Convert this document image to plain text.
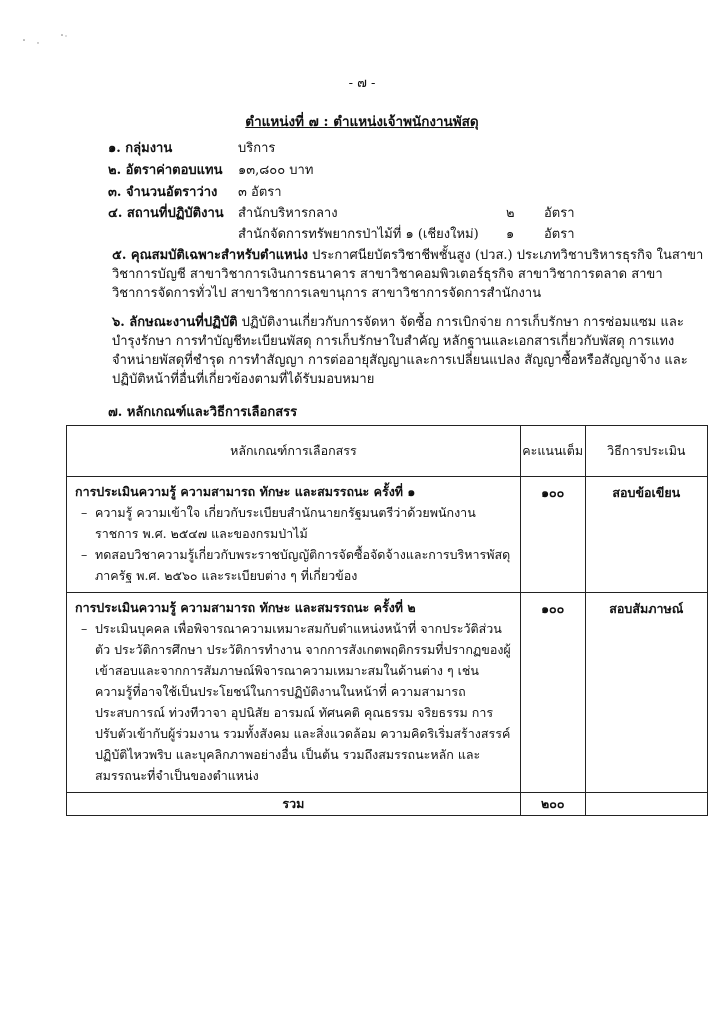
- ๗ -
ตำแหน่งที่ ๗ : ตำแหน่งเจ้าพนักงานพัสดุ
๑. กลุ่มงาน	บริการ
๒. อัตราค่าตอบแทน ๑๓,๘๐๐ บาท
๓. จำนวนอัตราว่าง ๓ อัตรา
๔. สถานที่ปฏิบัติงาน สำนักบริหารกลาง	๒ อัตรา
สำนักจัดการทรัพยากรป่าไม้ที่ ๑ (เชียงใหม่) ๑ อัตรา
๕. คุณสมบัติเฉพาะสำหรับตำแหน่ง ประกาศนียบัตรวิชาชีพชั้นสูง (ปวส.) ประเภทวิชาบริหารธุรกิจ ในสาขาวิชาการบัญชี สาขาวิชาการเงินการธนาคาร สาขาวิชาคอมพิวเตอร์ธุรกิจ สาขาวิชาการตลาด สาขาวิชาการจัดการทั่วไป สาขาวิชาการเลขานุการ สาขาวิชาการจัดการสำนักงาน
๖. ลักษณะงานที่ปฏิบัติ ปฏิบัติงานเกี่ยวกับการจัดหา จัดซื้อ การเบิกจ่าย การเก็บรักษา การซ่อมแซม และบำรุงรักษา การทำบัญชีทะเบียนพัสดุ การเก็บรักษาใบสำคัญ หลักฐานและเอกสารเกี่ยวกับพัสดุ การแทงจำหน่ายพัสดุที่ชำรุด การทำสัญญา การต่ออายุสัญญาและการเปลี่ยนแปลง สัญญาซื้อหรือสัญญาจ้าง และปฏิบัติหน้าที่อื่นที่เกี่ยวข้องตามที่ได้รับมอบหมาย
๗. หลักเกณฑ์และวิธีการเลือกสรร
หลักเกณฑ์การเลือกสรร	คะแนนเต็ม	วิธีการประเมิน

การประเมินความรู้ ความสามารถ ทักษะ และสมรรถนะ ครั้งที่ ๑
– ความรู้ ความเข้าใจ เกี่ยวกับระเบียบสำนักนายกรัฐมนตรีว่าด้วยพนักงานราชการ พ.ศ. ๒๕๔๗ และของกรมป่าไม้
– ทดสอบวิชาความรู้เกี่ยวกับพระราชบัญญัติการจัดซื้อจัดจ้างและการบริหารพัสดุภาครัฐ พ.ศ. ๒๕๖๐ และระเบียบต่าง ๆ ที่เกี่ยวข้อง	๑๐๐	สอบข้อเขียน

การประเมินความรู้ ความสามารถ ทักษะ และสมรรถนะ ครั้งที่ ๒
– ประเมินบุคคล เพื่อพิจารณาความเหมาะสมกับตำแหน่งหน้าที่ จากประวัติส่วนตัว ประวัติการศึกษา ประวัติการทำงาน จากการสังเกตพฤติกรรมที่ปรากฏของผู้เข้าสอบและจากการสัมภาษณ์พิจารณาความเหมาะสมในด้านต่าง ๆ เช่น ความรู้ที่อาจใช้เป็นประโยชน์ในการปฏิบัติงานในหน้าที่ ความสามารถ ประสบการณ์ ท่วงทีวาจา อุปนิสัย อารมณ์ ทัศนคติ คุณธรรม จริยธรรม การปรับตัวเข้ากับผู้ร่วมงาน รวมทั้งสังคม และสิ่งแวดล้อม ความคิดริเริ่มสร้างสรรค์ ปฏิบัติไหวพริบ และบุคลิกภาพอย่างอื่น เป็นต้น รวมถึงสมรรถนะหลัก และสมรรถนะที่จำเป็นของตำแหน่ง	๑๐๐	สอบสัมภาษณ์
รวม	๒๐๐	
